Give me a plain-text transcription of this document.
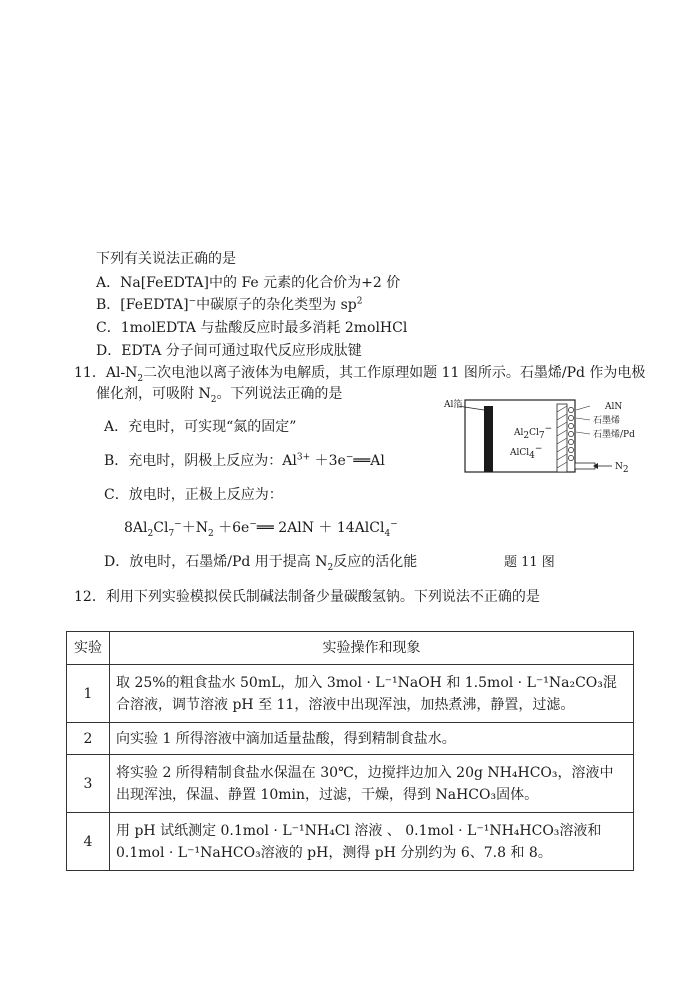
下列有关说法正确的是
A．Na[FeEDTA]中的 Fe 元素的化合价为+2 价
B．[FeEDTA]−中碳原子的杂化类型为 $sp^2$
C．1molEDTA 与盐酸反应时最多消耗 2molHCl
D．EDTA 分子间可通过取代反应形成肽键
11．$Al-N_2$二次电池以离子液体为电解质，其工作原理如题 11 图所示。石墨烯/Pd 作为电极
催化剂，可吸附 $N_2$。下列说法正确的是
A．充电时，可实现“氮的固定”
B．充电时，阴极上反应为：$Al^{3+}$ ＋3e−══Al
C．放电时，正极上反应为：
$8Al_2Cl_7^-+N_2$ ＋6e−══ 2AlN ＋ 14AlCl$_4$−
D．放电时，石墨烯/Pd 用于提高 $N_2$反应的活化能
Al箔	AlN
石墨烯
石墨烯/Pd
$Al_2Cl_7^-$
AlCl$_4$−
$N_2$
题 11 图
12．利用下列实验模拟侯氏制碱法制备少量碳酸氢钠。下列说法不正确的是
实验	实验操作和现象
1	取 25%的粗食盐水 50mL，加入 3mol · L⁻¹NaOH 和 1.5mol · L⁻¹Na₂CO₃混合溶液，调节溶液 pH 至 11，溶液中出现浑浊，加热煮沸，静置，过滤。
2	向实验 1 所得溶液中滴加适量盐酸，得到精制食盐水。
3	将实验 2 所得精制食盐水保温在 30℃，边搅拌边加入 20g NH₄HCO₃，溶液中出现浑浊，保温、静置 10min，过滤，干燥，得到 NaHCO₃固体。
4	用 pH 试纸测定 0.1mol · L⁻¹NH₄Cl 溶液 、 0.1mol · L⁻¹NH₄HCO₃溶液和 0.1mol · L⁻¹NaHCO₃溶液的 pH，测得 pH 分别约为 6、7.8 和 8。
